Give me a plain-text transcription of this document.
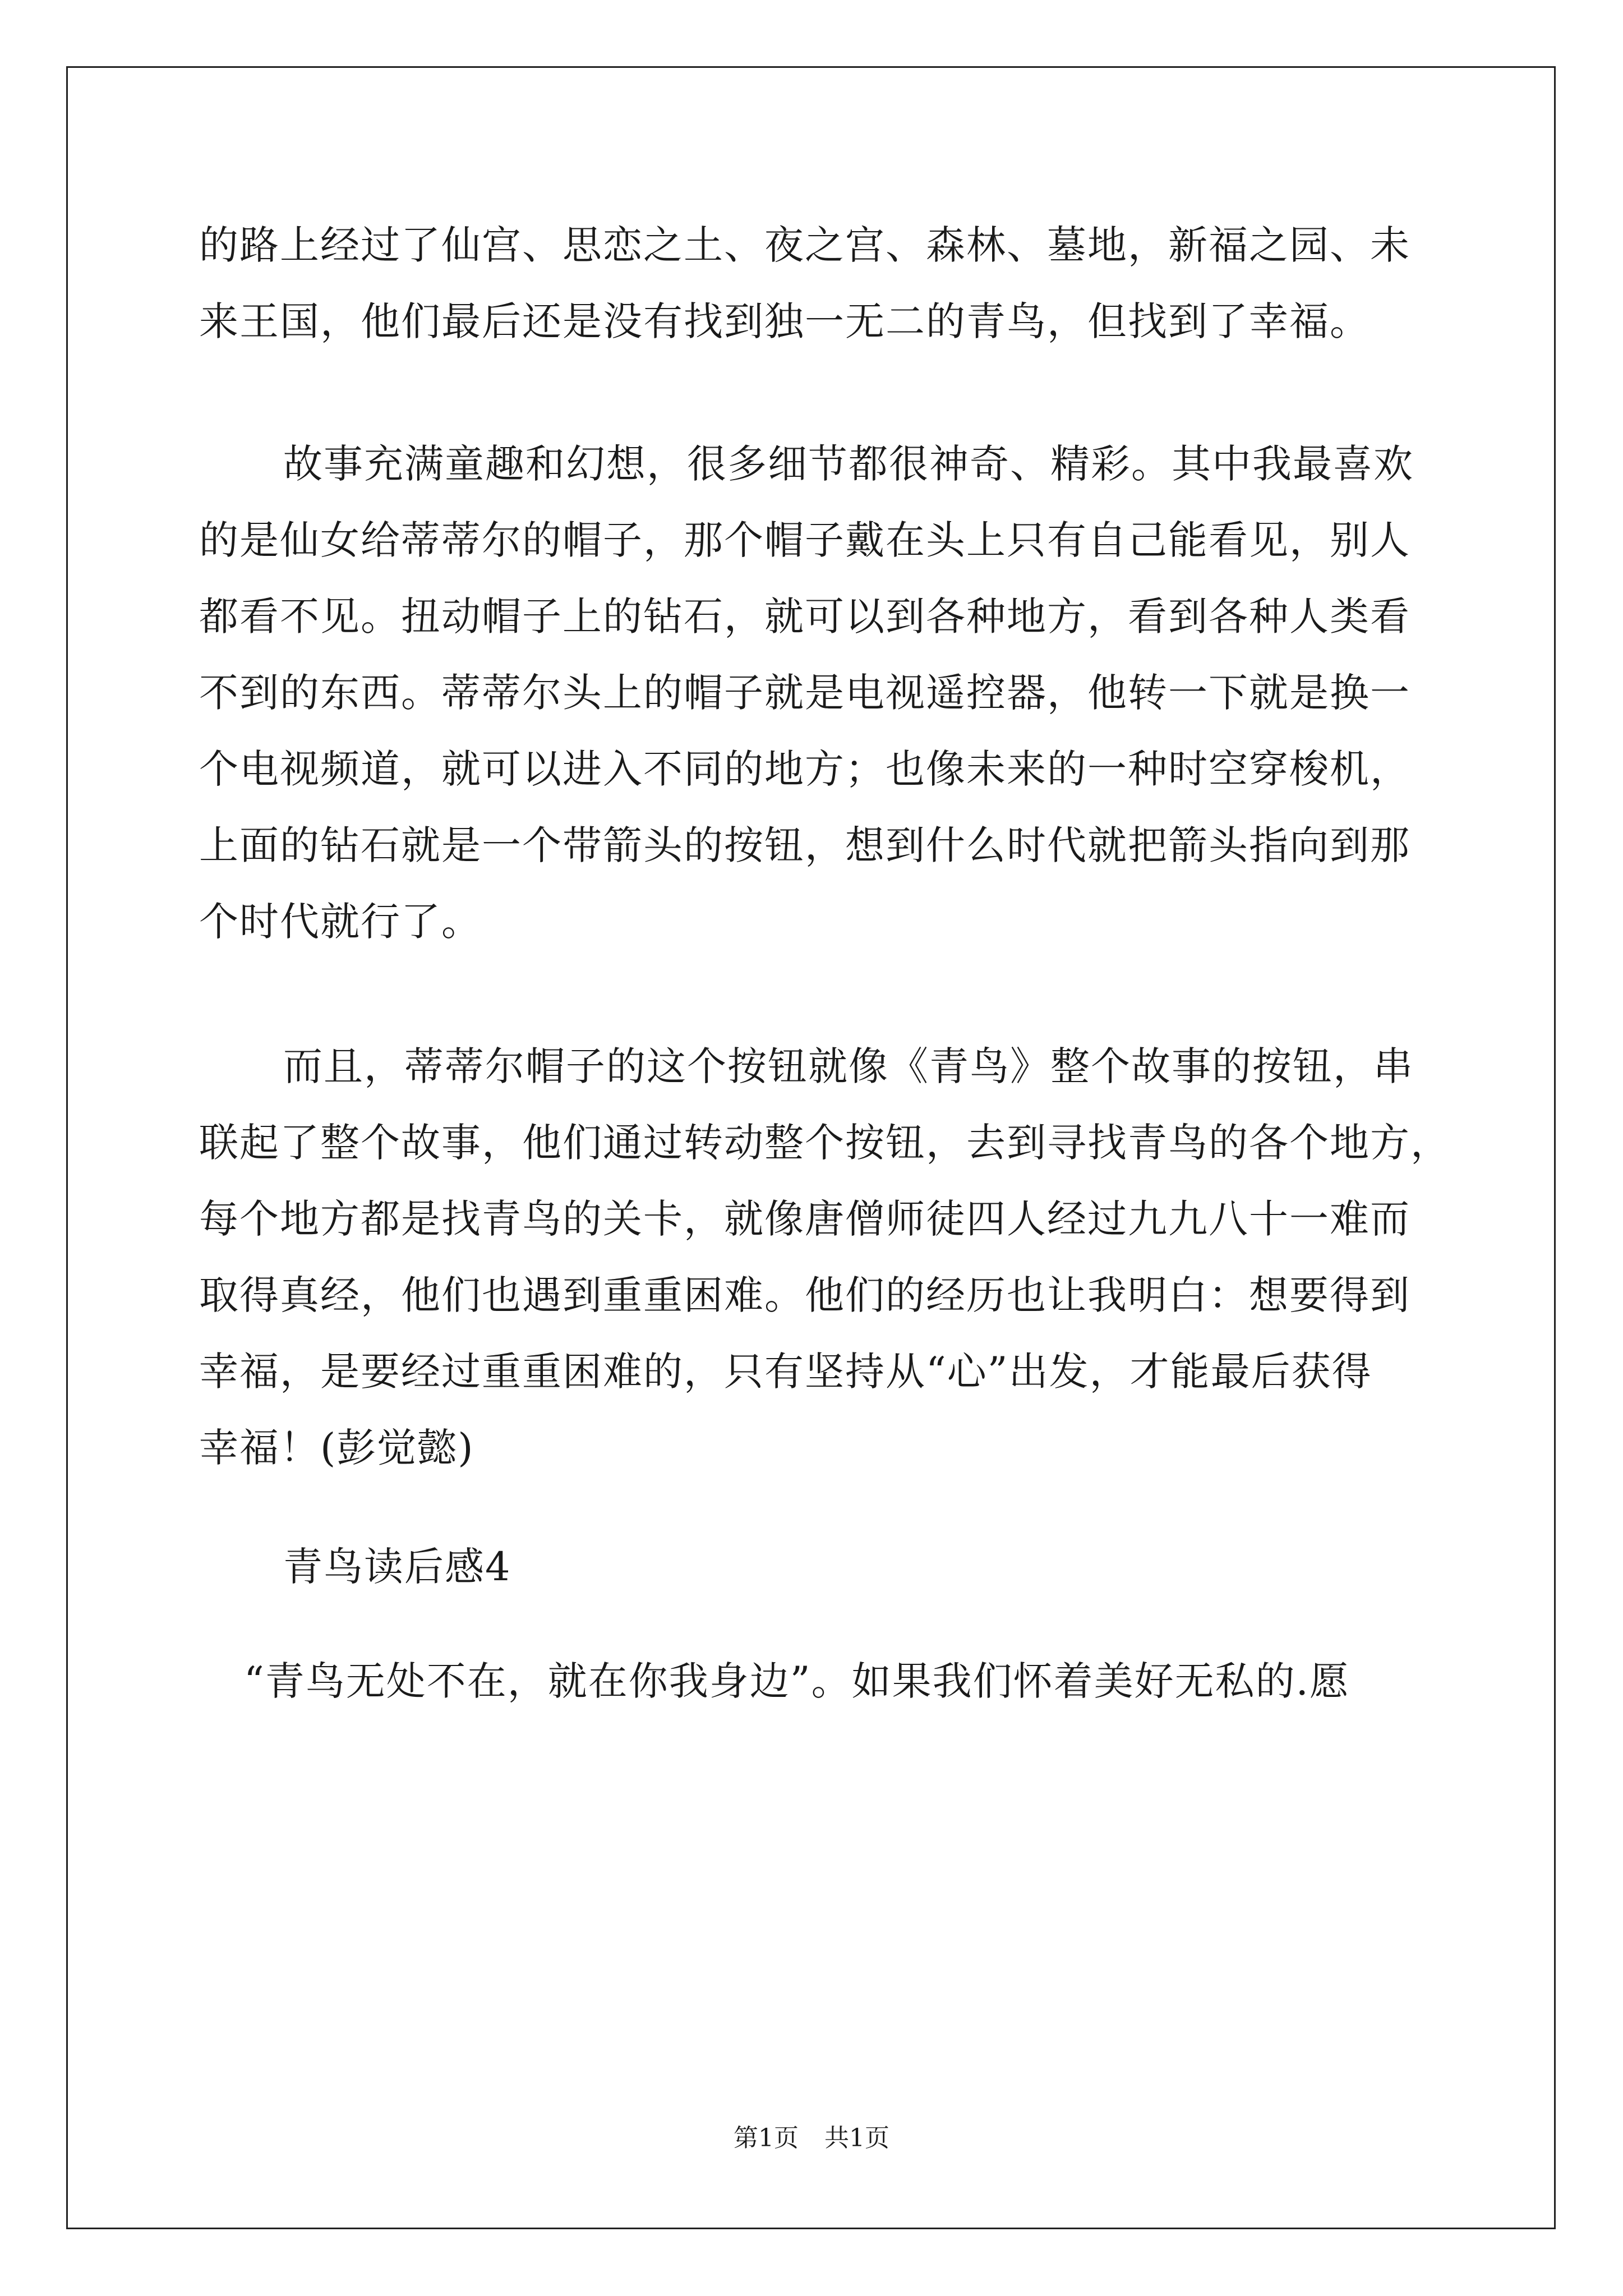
的路上经过了仙宫、思恋之土、夜之宫、森林、墓地，新福之园、未
来王国，他们最后还是没有找到独一无二的青鸟，但找到了幸福。
故事充满童趣和幻想，很多细节都很神奇、精彩。其中我最喜欢
的是仙女给蒂蒂尔的帽子，那个帽子戴在头上只有自己能看见，别人
都看不见。扭动帽子上的钻石，就可以到各种地方，看到各种人类看
不到的东西。蒂蒂尔头上的帽子就是电视遥控器，他转一下就是换一
个电视频道，就可以进入不同的地方；也像未来的一种时空穿梭机，
上面的钻石就是一个带箭头的按钮，想到什么时代就把箭头指向到那
个时代就行了。
而且，蒂蒂尔帽子的这个按钮就像《青鸟》整个故事的按钮，串
联起了整个故事，他们通过转动整个按钮，去到寻找青鸟的各个地方，
每个地方都是找青鸟的关卡，就像唐僧师徒四人经过九九八十一难而
取得真经，他们也遇到重重困难。他们的经历也让我明白：想要得到
幸福，是要经过重重困难的，只有坚持从“心”出发，才能最后获得
幸福！(彭觉懿)
青鸟读后感4
“青鸟无处不在，就在你我身边”。如果我们怀着美好无私的.愿
第1页 共1页
